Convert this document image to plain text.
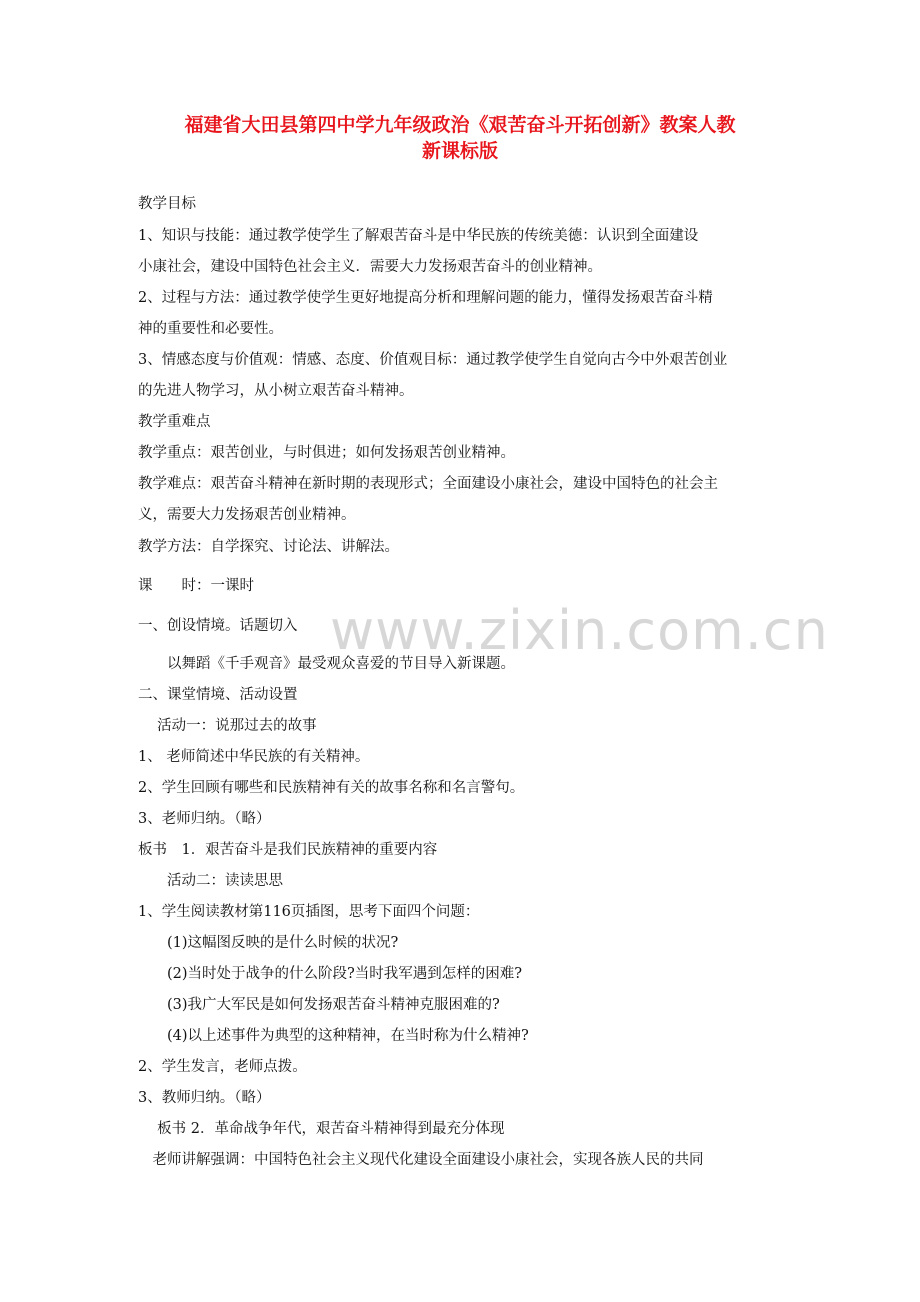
www.zixin.com.cn
福建省大田县第四中学九年级政治《艰苦奋斗开拓创新》教案人教
新课标版

教学目标

1、知识与技能：通过教学使学生了解艰苦奋斗是中华民族的传统美德：认识到全面建设

小康社会，建设中国特色社会主义．需要大力发扬艰苦奋斗的创业精神。

2、过程与方法：通过教学使学生更好地提高分析和理解问题的能力，懂得发扬艰苦奋斗精

神的重要性和必要性。

3、情感态度与价值观：情感、态度、价值观目标：通过教学使学生自觉向古今中外艰苦创业

的先进人物学习，从小树立艰苦奋斗精神。

教学重难点

教学重点：艰苦创业，与时俱进；如何发扬艰苦创业精神。

教学难点：艰苦奋斗精神在新时期的表现形式；全面建设小康社会，建设中国特色的社会主

义，需要大力发扬艰苦创业精神。

教学方法：自学探究、讨论法、讲解法。

课　　时：一课时

一、创设情境。话题切入

　　以舞蹈《千手观音》最受观众喜爱的节目导入新课题。

二、课堂情境、活动设置

　 活动一：说那过去的故事

1、 老师简述中华民族的有关精神。

2、学生回顾有哪些和民族精神有关的故事名称和名言警句。

3、老师归纳。（略）

板书　1．艰苦奋斗是我们民族精神的重要内容

　　活动二：读读思思

1、学生阅读教材第116页插图，思考下面四个问题：

　　(1)这幅图反映的是什么时候的状况?

　　(2)当时处于战争的什么阶段?当时我军遇到怎样的困难?

　　(3)我广大军民是如何发扬艰苦奋斗精神克服困难的?

　　(4)以上述事件为典型的这种精神，在当时称为什么精神?

2、学生发言，老师点拨。

3、教师归纳。（略）

　 板书 2．革命战争年代，艰苦奋斗精神得到最充分体现

　老师讲解强调：中国特色社会主义现代化建设全面建设小康社会，实现各族人民的共同
